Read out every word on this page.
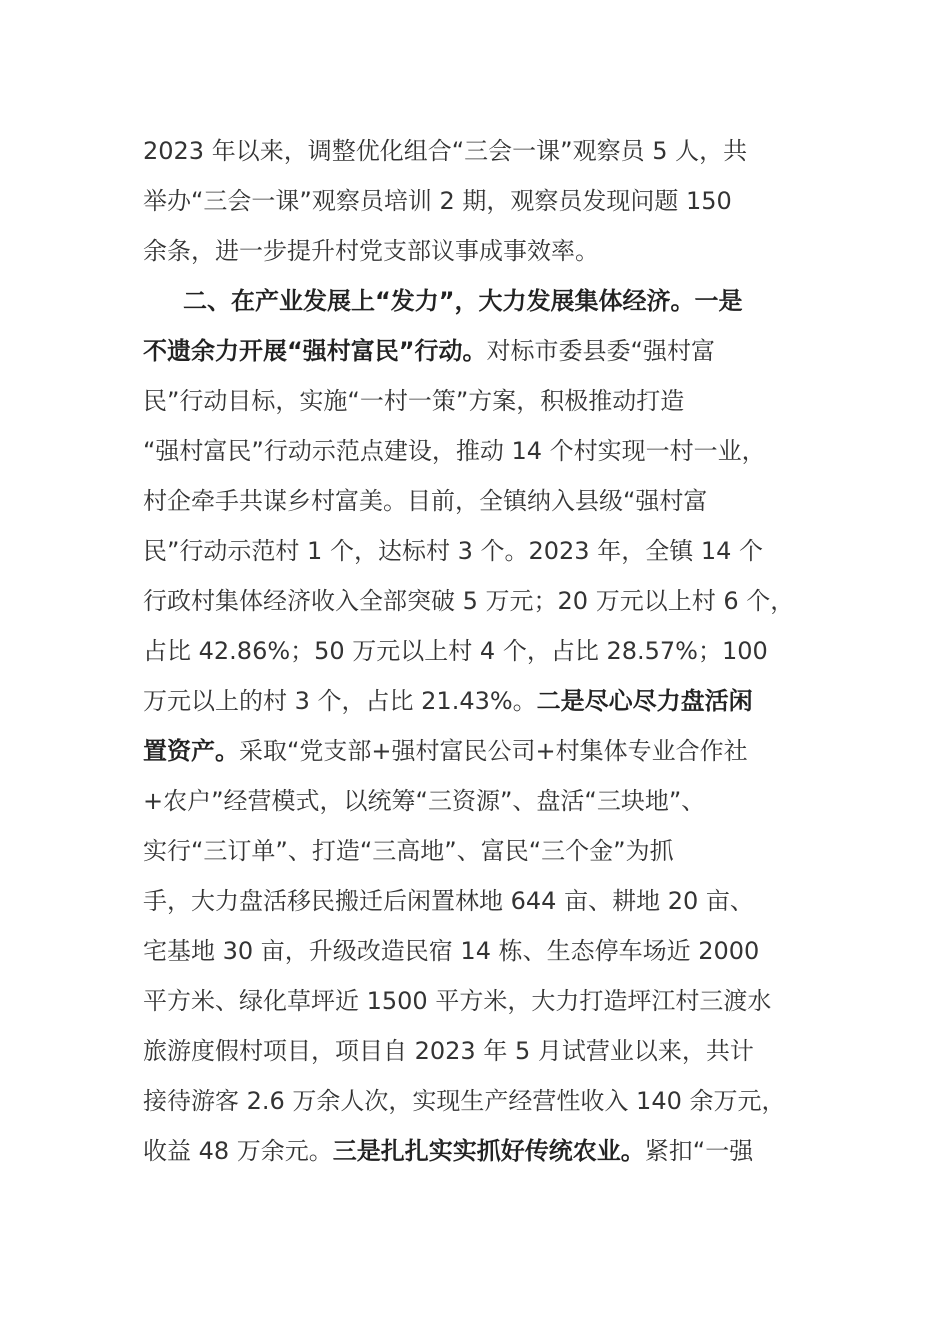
2023 年以来，调整优化组合“三会一课”观察员 5 人，共
举办“三会一课”观察员培训 2 期，观察员发现问题 150
余条，进一步提升村党支部议事成事效率。
二、在产业发展上“发力”，大力发展集体经济。一是
不遗余力开展“强村富民”行动。对标市委县委“强村富
民”行动目标，实施“一村一策”方案，积极推动打造
“强村富民”行动示范点建设，推动 14 个村实现一村一业，
村企牵手共谋乡村富美。目前，全镇纳入县级“强村富
民”行动示范村 1 个，达标村 3 个。2023 年，全镇 14 个
行政村集体经济收入全部突破 5 万元；20 万元以上村 6 个，
占比 42.86%；50 万元以上村 4 个，占比 28.57%；100
万元以上的村 3 个，占比 21.43%。二是尽心尽力盘活闲
置资产。采取“党支部+强村富民公司+村集体专业合作社
+农户”经营模式，以统筹“三资源”、盘活“三块地”、
实行“三订单”、打造“三高地”、富民“三个金”为抓
手，大力盘活移民搬迁后闲置林地 644 亩、耕地 20 亩、
宅基地 30 亩，升级改造民宿 14 栋、生态停车场近 2000
平方米、绿化草坪近 1500 平方米，大力打造坪江村三渡水
旅游度假村项目，项目自 2023 年 5 月试营业以来，共计
接待游客 2.6 万余人次，实现生产经营性收入 140 余万元，
收益 48 万余元。三是扎扎实实抓好传统农业。紧扣“一强
